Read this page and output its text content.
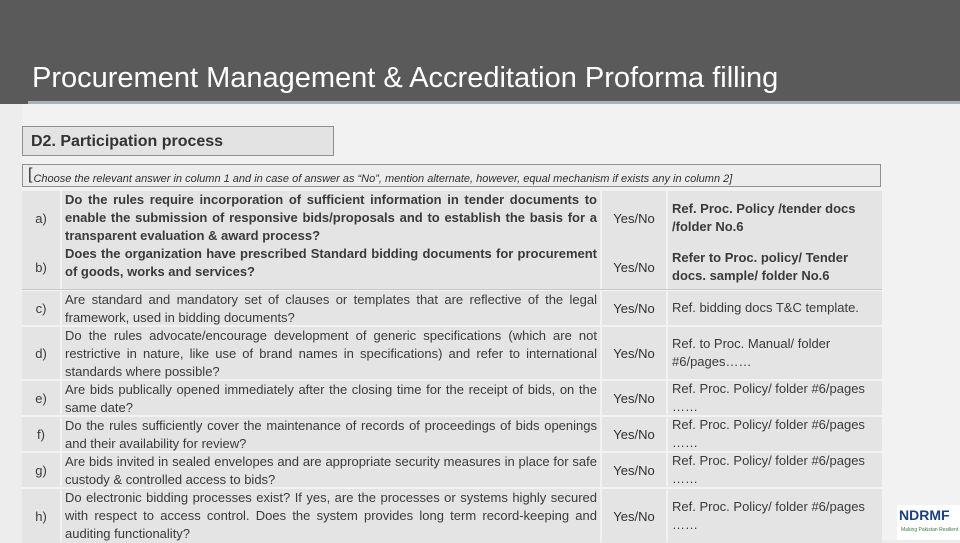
Procurement Management & Accreditation Proforma filling
D2. Participation process
[Choose the relevant answer in column 1 and in case of answer as “No”, mention alternate, however, equal mechanism if exists any in column 2]
a)
Do the rules require incorporation of sufficient information in tender documents to enable the submission of responsive bids/proposals and to establish the basis for a transparent evaluation & award process?
Yes/No
Ref. Proc. Policy /tender docs /folder No.6
b)
Does the organization have prescribed Standard bidding documents for procurement of goods, works and services?	Yes/No
Refer to Proc. policy/ Tender docs. sample/ folder No.6
c)
Are standard and mandatory set of clauses or templates that are reflective of the legal framework, used in bidding documents?
Yes/No	Ref. bidding docs T&C template.
d)
Do the rules advocate/encourage development of generic specifications (which are not restrictive in nature, like use of brand names in specifications) and refer to international standards where possible?
Yes/No
Ref. to Proc. Manual/ folder #6/pages……
e)
Are bids publically opened immediately after the closing time for the receipt of bids, on the same date?
Yes/No
Ref. Proc. Policy/ folder #6/pages ……
f)
Do the rules sufficiently cover the maintenance of records of proceedings of bids openings and their availability for review?
Yes/No
Ref. Proc. Policy/ folder #6/pages ……
g)
Are bids invited in sealed envelopes and are appropriate security measures in place for safe custody & controlled access to bids?
Yes/No
Ref. Proc. Policy/ folder #6/pages ……
h)
Do electronic bidding processes exist? If yes, are the processes or systems highly secured with respect to access control. Does the system provides long term record-keeping and auditing functionality?
Yes/No
Ref. Proc. Policy/ folder #6/pages ……
NDRMF
Making Pakistan Resilient
